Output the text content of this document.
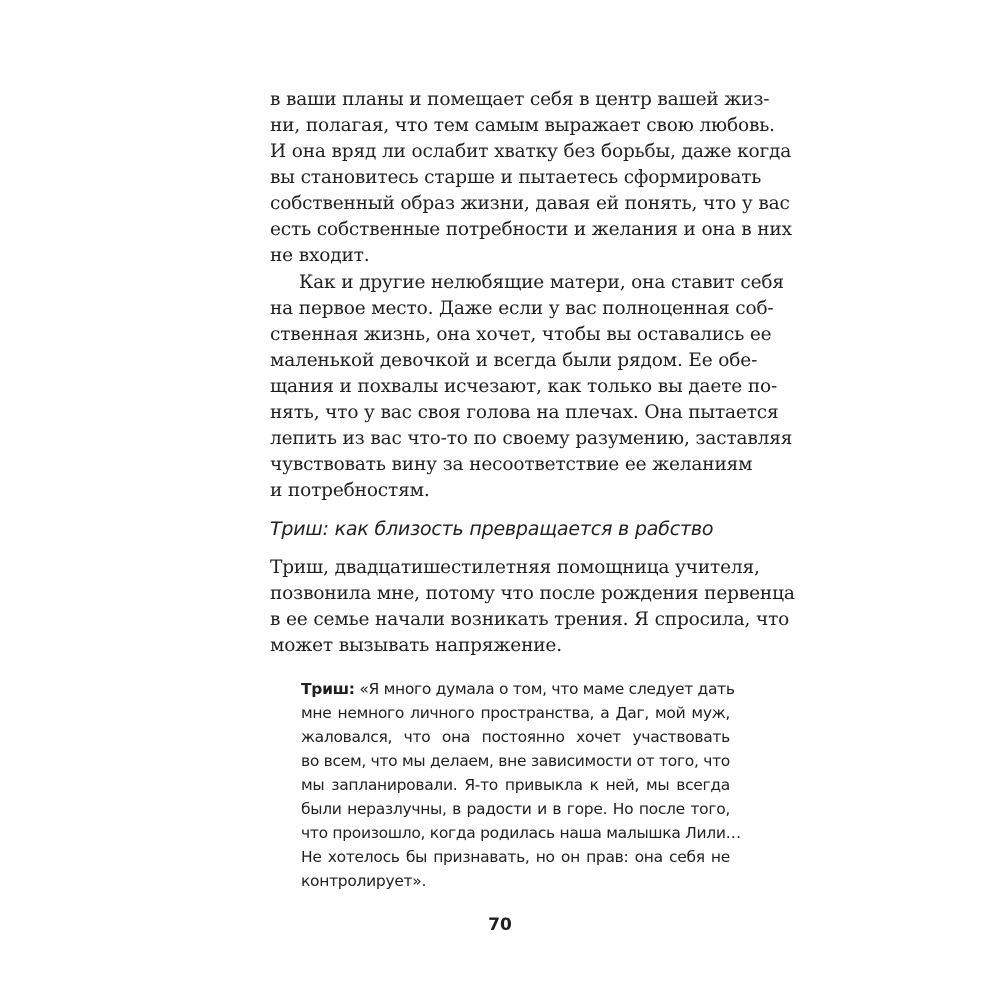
в ваши планы и помещает себя в центр вашей жиз-
ни, полагая, что тем самым выражает свою любовь.
И она вряд ли ослабит хватку без борьбы, даже когда
вы становитесь старше и пытаетесь сформировать
собственный образ жизни, давая ей понять, что у вас
есть собственные потребности и желания и она в них
не входит.
Как и другие нелюбящие матери, она ставит себя
на первое место. Даже если у вас полноценная соб-
ственная жизнь, она хочет, чтобы вы оставались ее
маленькой девочкой и всегда были рядом. Ее обе-
щания и похвалы исчезают, как только вы даете по-
нять, что у вас своя голова на плечах. Она пытается
лепить из вас что-то по своему разумению, заставляя
чувствовать вину за несоответствие ее желаниям
и потребностям.
Триш: как близость превращается в рабство
Триш, двадцатишестилетняя помощница учителя,
позвонила мне, потому что после рождения первенца
в ее семье начали возникать трения. Я спросила, что
может вызывать напряжение.
Триш: «Я много думала о том, что маме следует дать
мне немного личного пространства, а Даг, мой муж,
жаловался, что она постоянно хочет участвовать
во всем, что мы делаем, вне зависимости от того, что
мы запланировали. Я-то привыкла к ней, мы всегда
были неразлучны, в радости и в горе. Но после того,
что произошло, когда родилась наша малышка Лили…
Не хотелось бы признавать, но он прав: она себя не
контролирует».
70
